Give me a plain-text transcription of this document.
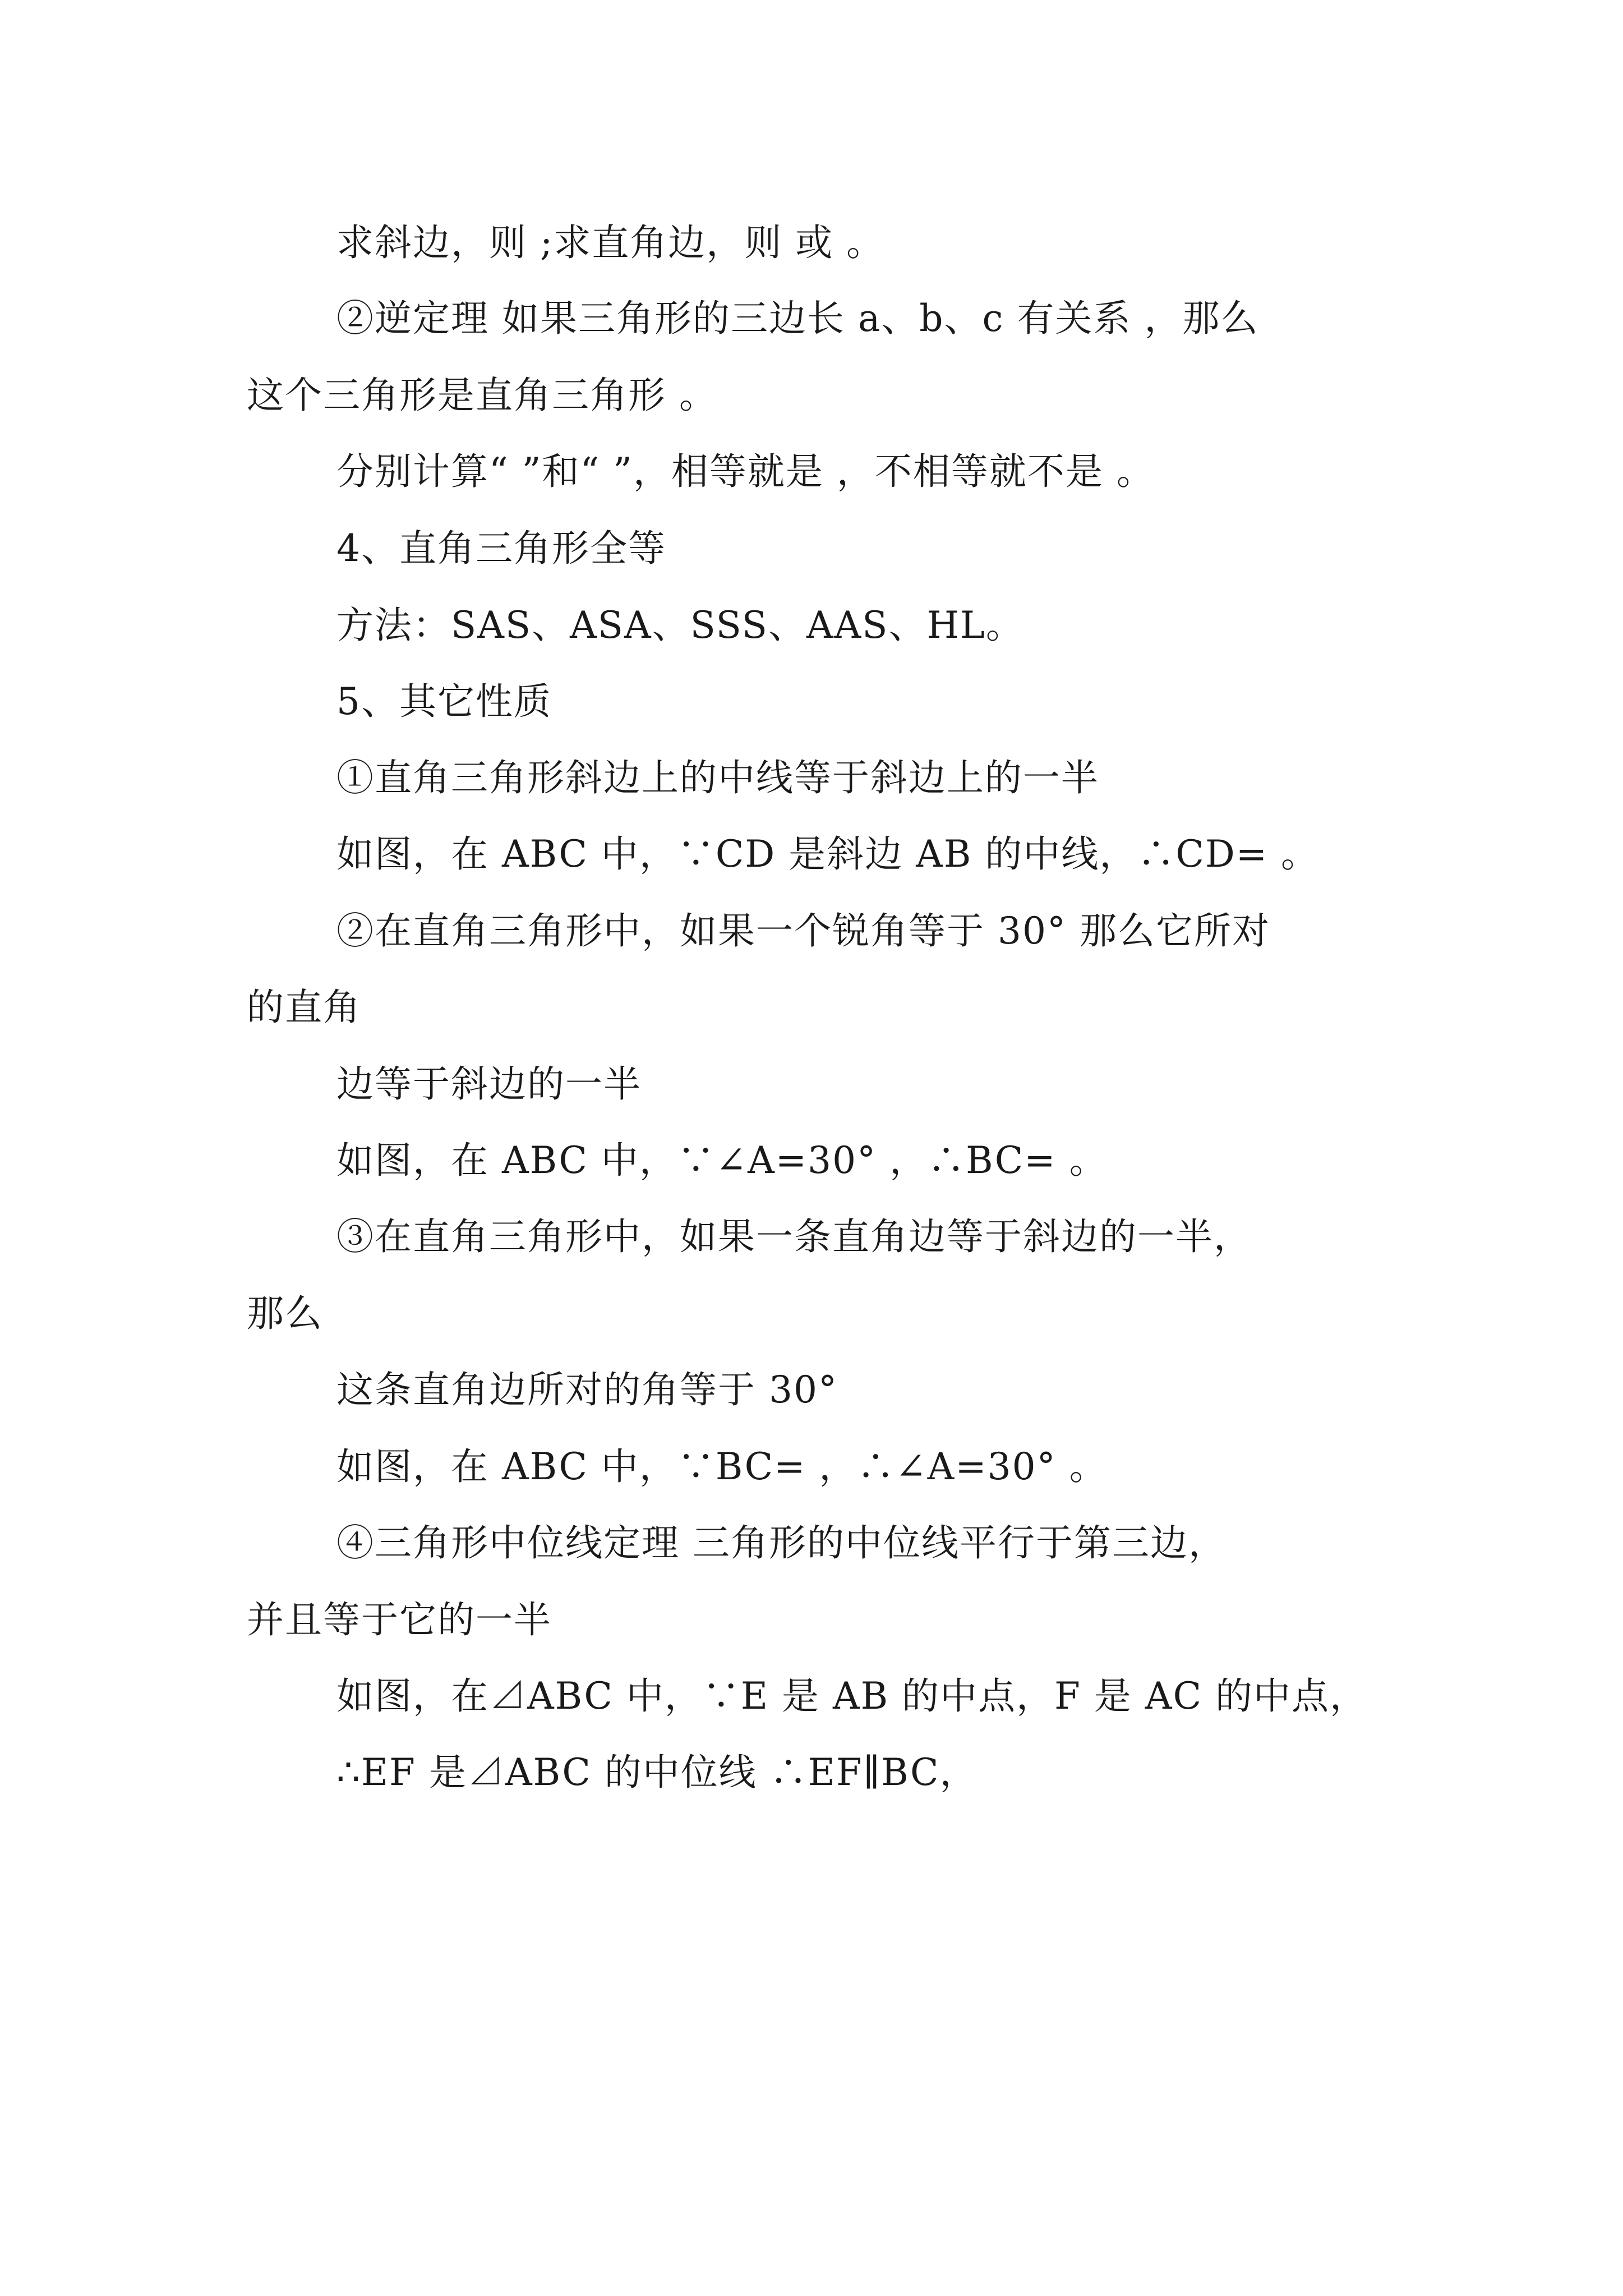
求斜边，则 ;求直角边，则 或 。
②逆定理 如果三角形的三边长 a、b、c 有关系 ，那么
这个三角形是直角三角形 。
分别计算“ ”和“ ”，相等就是 ，不相等就不是 。
4、直角三角形全等
方法：SAS、ASA、SSS、AAS、HL。
5、其它性质
①直角三角形斜边上的中线等于斜边上的一半
如图，在 ABC 中，∵CD 是斜边 AB 的中线，∴CD= 。
②在直角三角形中，如果一个锐角等于 30° 那么它所对
的直角
边等于斜边的一半
如图，在 ABC 中，∵∠A=30° ，∴BC= 。
③在直角三角形中，如果一条直角边等于斜边的一半，
那么
这条直角边所对的角等于 30°
如图，在 ABC 中，∵BC= ，∴∠A=30° 。
④三角形中位线定理 三角形的中位线平行于第三边，
并且等于它的一半
如图，在⊿ABC 中，∵E 是 AB 的中点，F 是 AC 的中点，
∴EF 是⊿ABC 的中位线 ∴EF∥BC，
